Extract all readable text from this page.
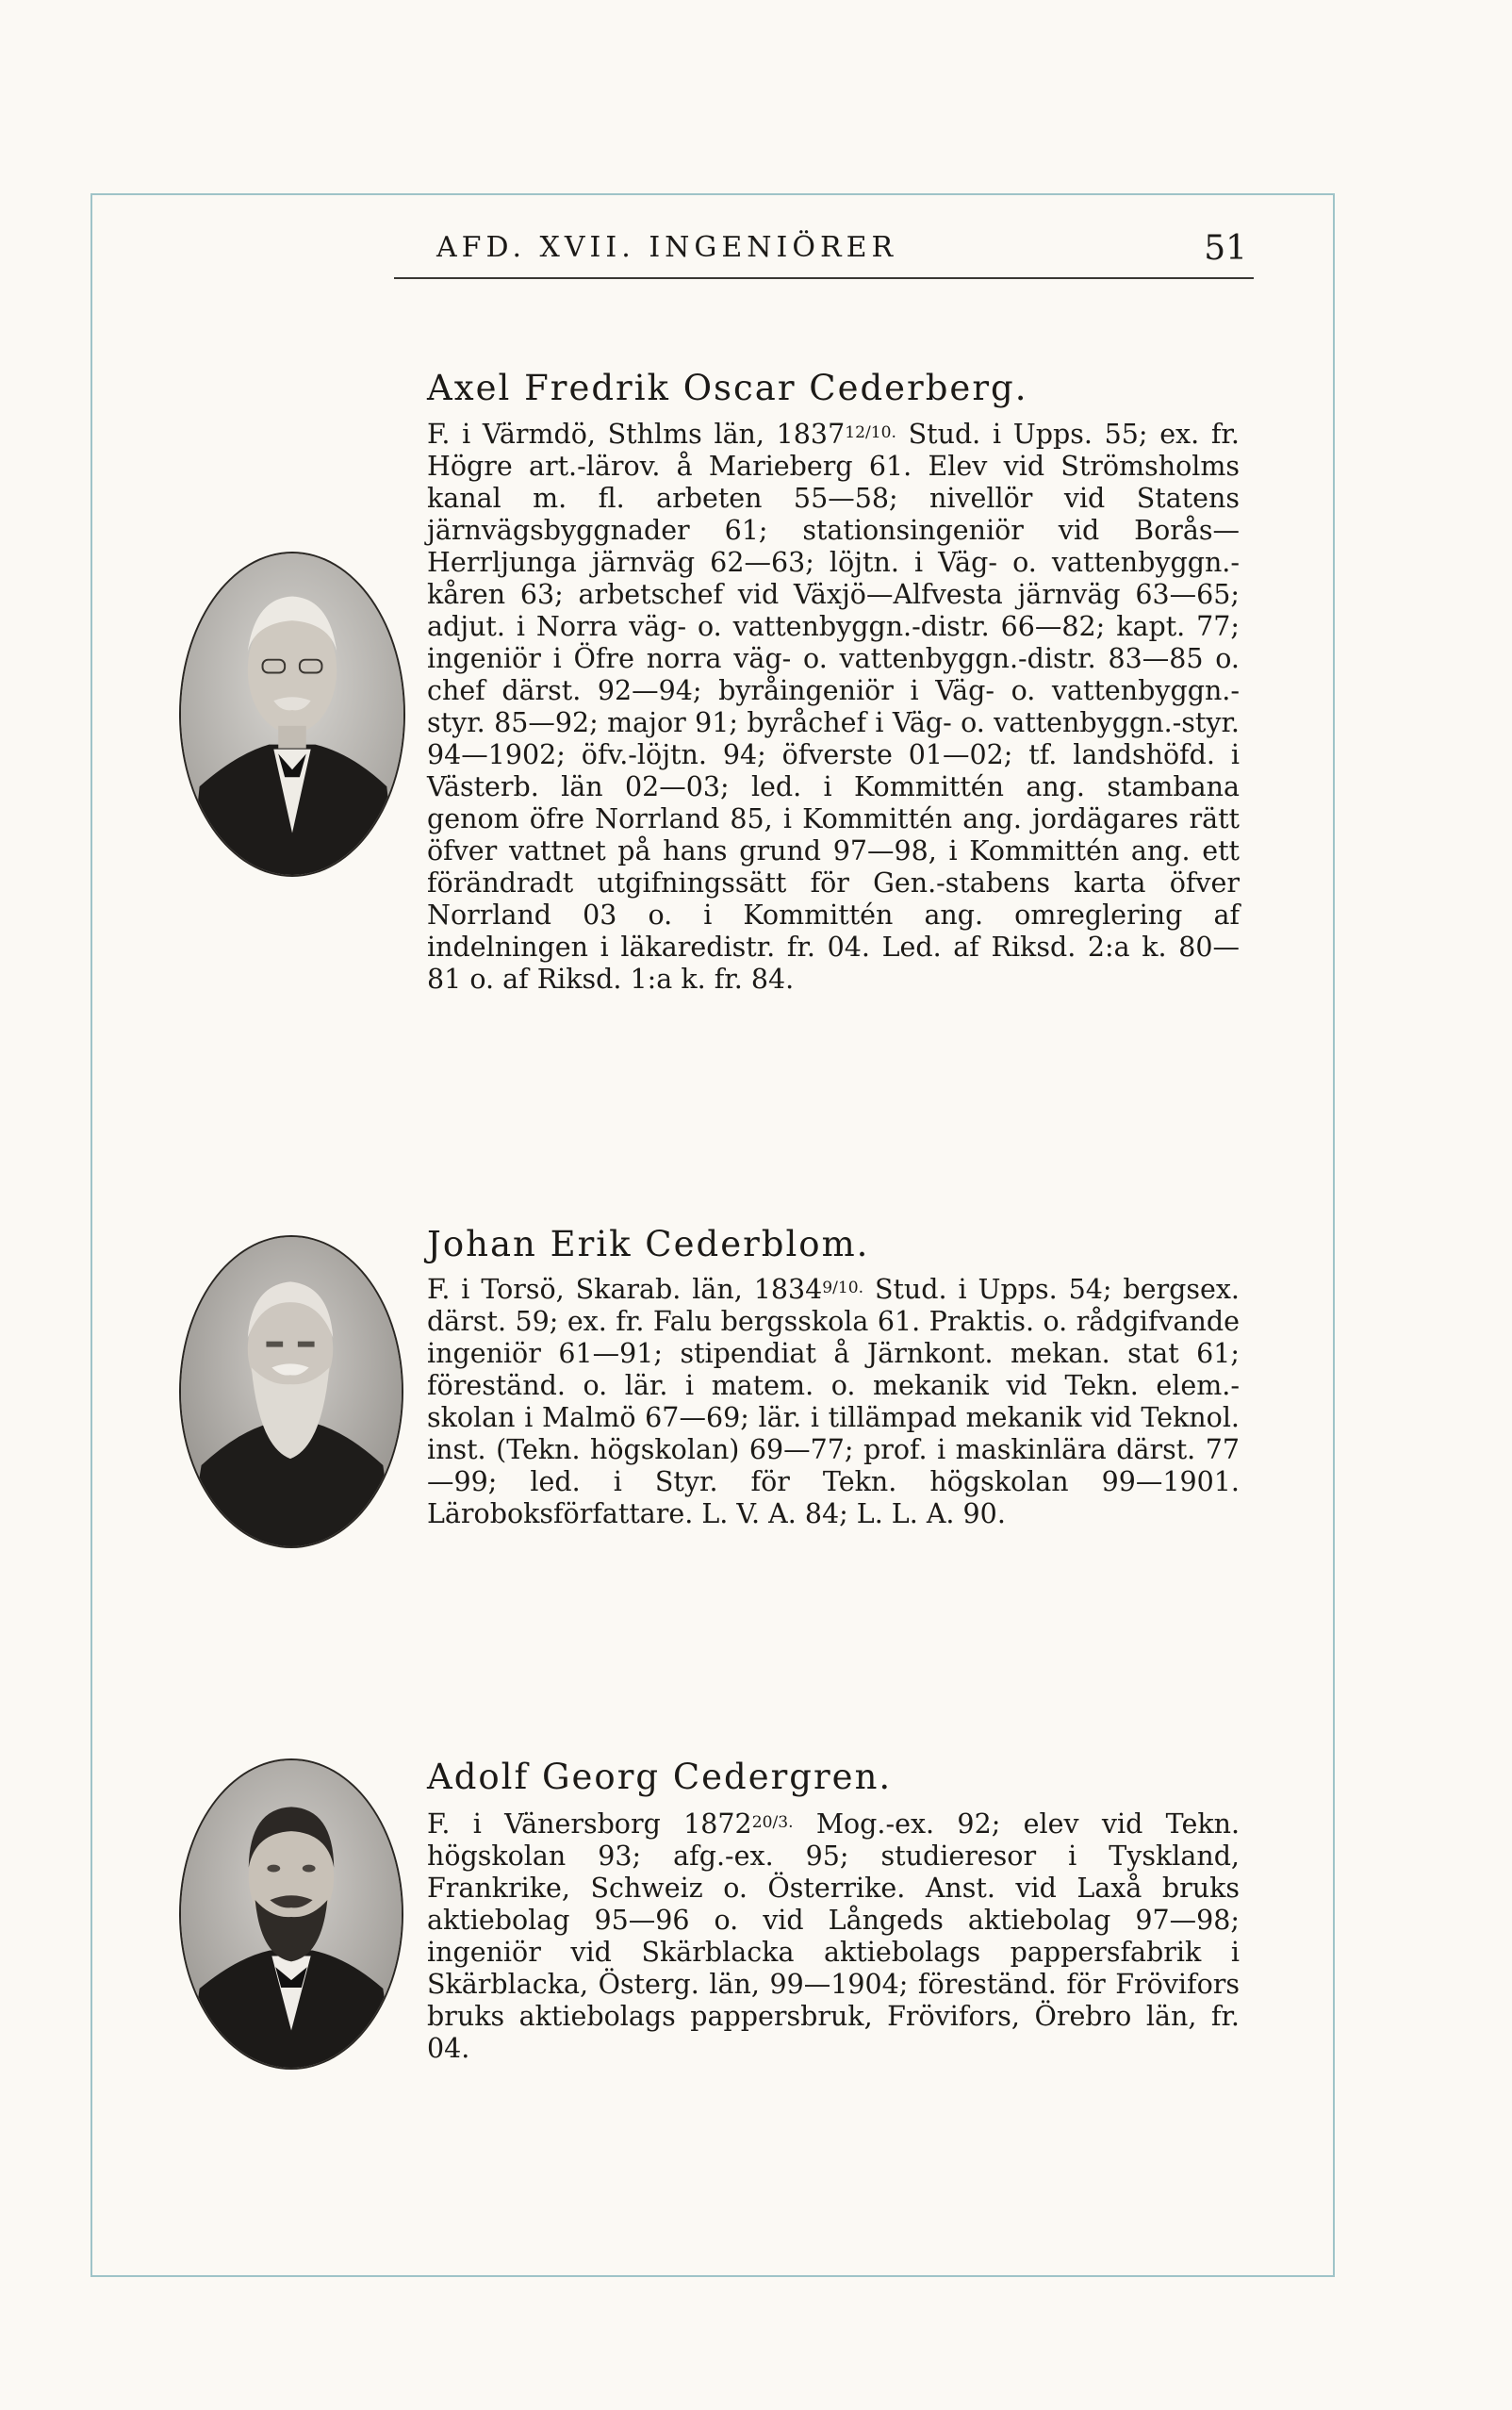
AFD. XVII. INGENIÖRER	51
Axel Fredrik Oscar Cederberg.

F. i Värmdö, Sthlms län, $1837^{12/10.}$ Stud. i Upps. 55; ex. fr. Högre art.-lärov. å Marieberg 61. Elev vid Strömsholms kanal m. fl. arbeten 55—58; nivellör vid Statens järnvägsbyggnader 61; stationsingeniör vid Borås—Herrljunga järnväg 62—63; löjtn. i Väg- o. vattenbyggn.-kåren 63; arbetschef vid Växjö—Alfvesta järnväg 63—65; adjut. i Norra väg- o. vattenbyggn.-distr. 66—82; kapt. 77; ingeniör i Öfre norra väg- o. vattenbyggn.-distr. 83—85 o. chef därst. 92—94; byråingeniör i Väg- o. vattenbyggn.-styr. 85—92; major 91; byråchef i Väg- o. vattenbyggn.-styr. 94—1902; öfv.-löjtn. 94; öfverste 01—02; tf. landshöfd. i Västerb. län 02—03; led. i Kommittén ang. stambana genom öfre Norrland 85, i Kommittén ang. jordägares rätt öfver vattnet på hans grund 97—98, i Kommittén ang. ett förändradt utgifningssätt för Gen.-stabens karta öfver Norrland 03 o. i Kommittén ang. omreglering af indelningen i läkaredistr. fr. 04. Led. af Riksd. 2:a k. 80—81 o. af Riksd. 1:a k. fr. 84.

Johan Erik Cederblom.

F. i Torsö, Skarab. län, $1834^{9/10.}$ Stud. i Upps. 54; bergsex. därst. 59; ex. fr. Falu bergsskola 61. Praktis. o. rådgifvande ingeniör 61—91; stipendiat å Järnkont. mekan. stat 61; föreständ. o. lär. i matem. o. mekanik vid Tekn. elem.-skolan i Malmö 67—69; lär. i tillämpad mekanik vid Teknol. inst. (Tekn. högskolan) 69—77; prof. i maskinlära därst. 77—99; led. i Styr. för Tekn. högskolan 99—1901. Läroboksförfattare. L. V. A. 84; L. L. A. 90.

Adolf Georg Cedergren.

F. i Vänersborg $1872^{20/3.}$ Mog.-ex. 92; elev vid Tekn. högskolan 93; afg.-ex. 95; studieresor i Tyskland, Frankrike, Schweiz o. Österrike. Anst. vid Laxå bruks aktiebolag 95—96 o. vid Långeds aktiebolag 97—98; ingeniör vid Skärblacka aktiebolags pappersfabrik i Skärblacka, Österg. län, 99—1904; föreständ. för Frövifors bruks aktiebolags pappersbruk, Frövifors, Örebro län, fr. 04.
